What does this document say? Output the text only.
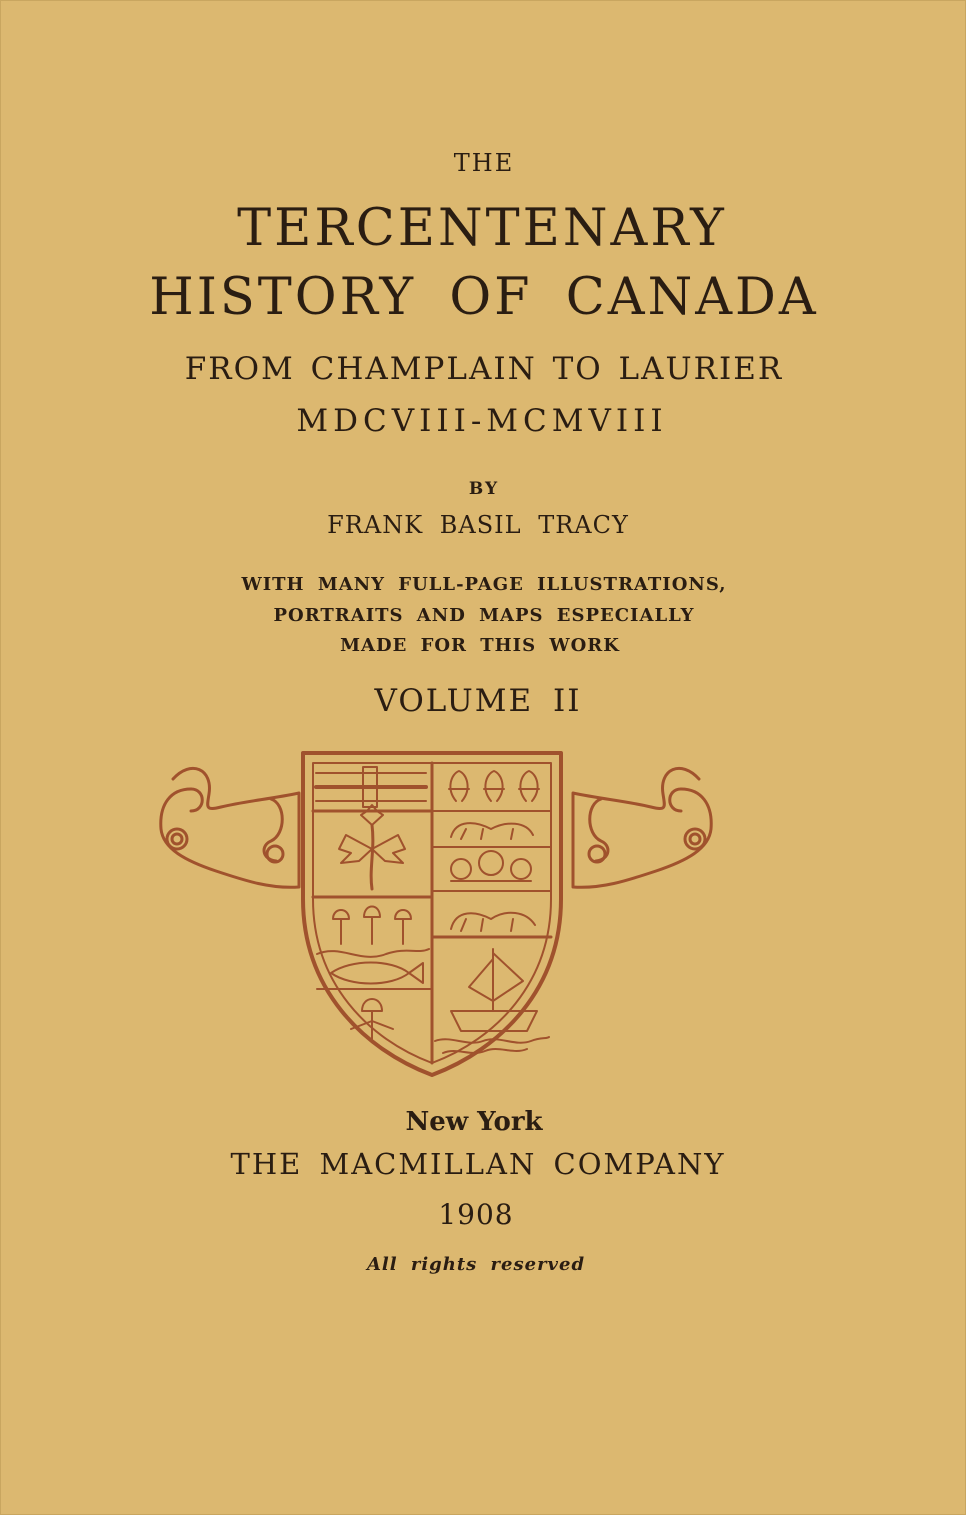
THE
TERCENTENARY
HISTORY OF CANADA
FROM CHAMPLAIN TO LAURIER
MDCVIII-MCMVIII
BY
FRANK BASIL TRACY
WITH MANY FULL-PAGE ILLUSTRATIONS,
PORTRAITS AND MAPS ESPECIALLY
MADE FOR THIS WORK
VOLUME II
New York
THE MACMILLAN COMPANY
1908
All rights reserved
